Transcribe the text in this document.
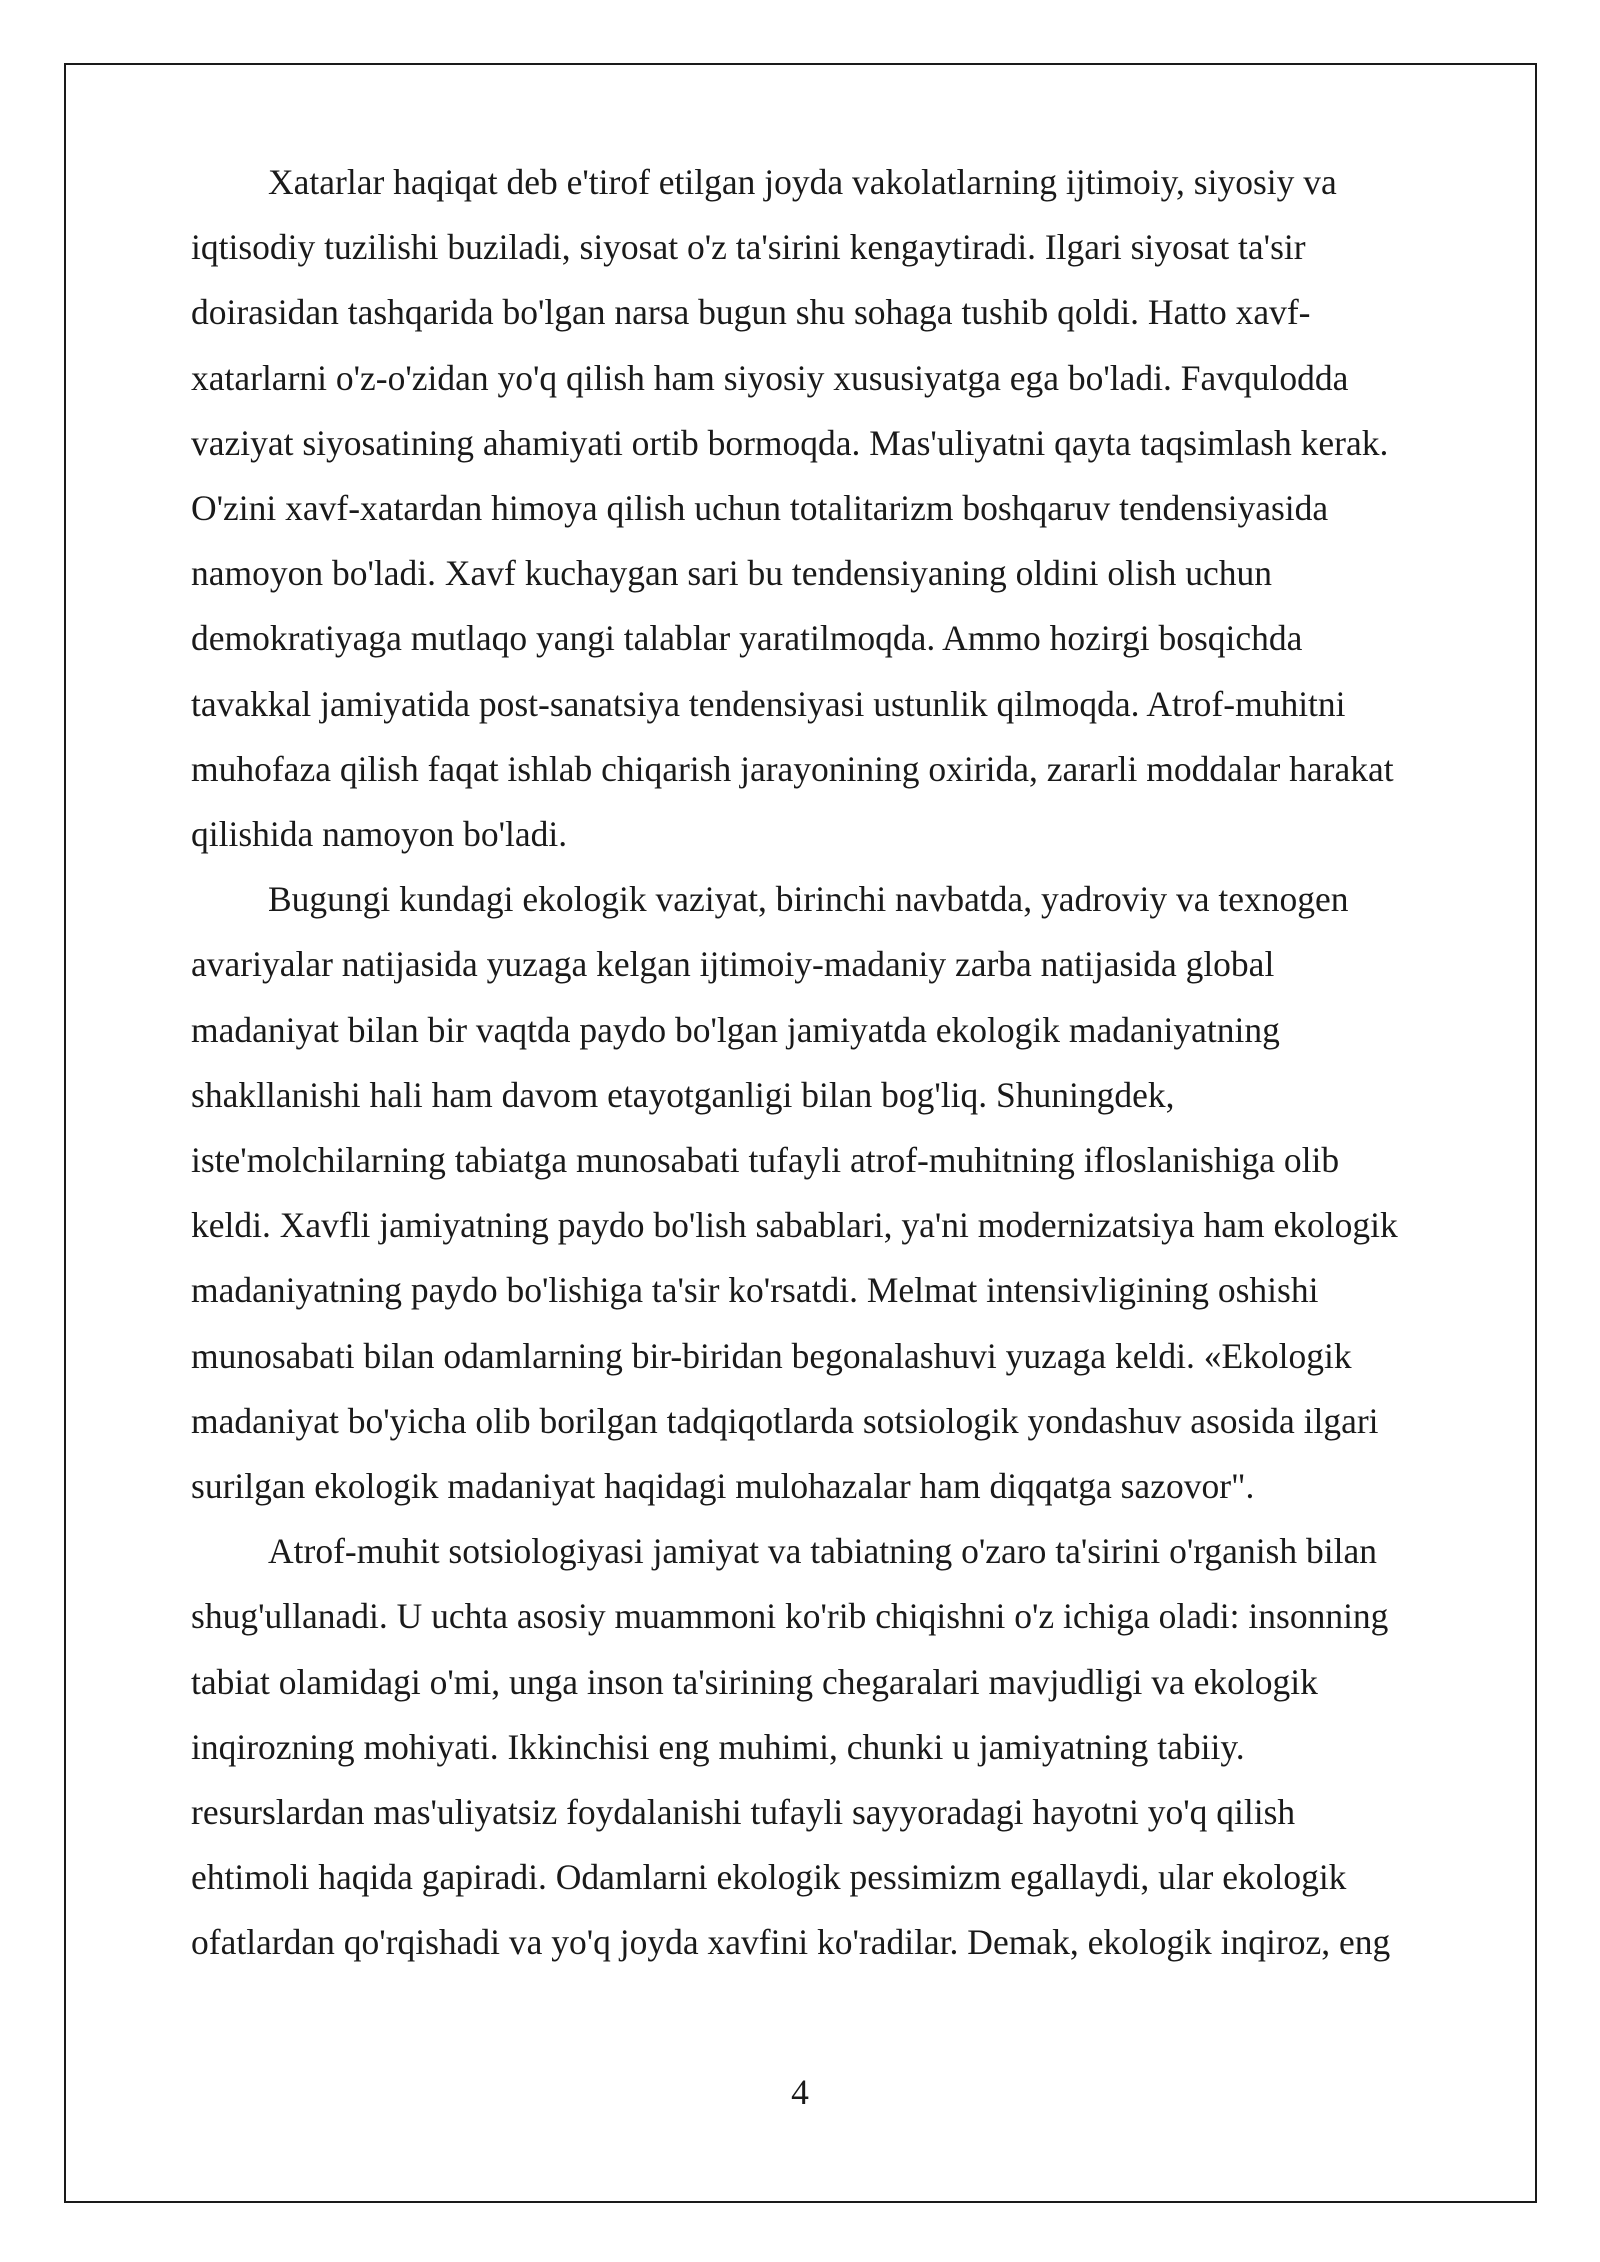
Xatarlar haqiqat deb e'tirof etilgan joyda vakolatlarning ijtimoiy, siyosiy va
iqtisodiy tuzilishi buziladi, siyosat o'z ta'sirini kengaytiradi. Ilgari siyosat ta'sir
doirasidan tashqarida bo'lgan narsa bugun shu sohaga tushib qoldi. Hatto xavf-
xatarlarni o'z-o'zidan yo'q qilish ham siyosiy xususiyatga ega bo'ladi. Favqulodda
vaziyat siyosatining ahamiyati ortib bormoqda. Mas'uliyatni qayta taqsimlash kerak.
O'zini xavf-xatardan himoya qilish uchun totalitarizm boshqaruv tendensiyasida
namoyon bo'ladi. Xavf kuchaygan sari bu tendensiyaning oldini olish uchun
demokratiyaga mutlaqo yangi talablar yaratilmoqda. Ammo hozirgi bosqichda
tavakkal jamiyatida post-sanatsiya tendensiyasi ustunlik qilmoqda. Atrof-muhitni
muhofaza qilish faqat ishlab chiqarish jarayonining oxirida, zararli moddalar harakat
qilishida namoyon bo'ladi.

Bugungi kundagi ekologik vaziyat, birinchi navbatda, yadroviy va texnogen
avariyalar natijasida yuzaga kelgan ijtimoiy-madaniy zarba natijasida global
madaniyat bilan bir vaqtda paydo bo'lgan jamiyatda ekologik madaniyatning
shakllanishi hali ham davom etayotganligi bilan bog'liq. Shuningdek,
iste'molchilarning tabiatga munosabati tufayli atrof-muhitning ifloslanishiga olib
keldi. Xavfli jamiyatning paydo bo'lish sabablari, ya'ni modernizatsiya ham ekologik
madaniyatning paydo bo'lishiga ta'sir ko'rsatdi. Melmat intensivligining oshishi
munosabati bilan odamlarning bir-biridan begonalashuvi yuzaga keldi. «Ekologik
madaniyat bo'yicha olib borilgan tadqiqotlarda sotsiologik yondashuv asosida ilgari
surilgan ekologik madaniyat haqidagi mulohazalar ham diqqatga sazovor".

Atrof-muhit sotsiologiyasi jamiyat va tabiatning o'zaro ta'sirini o'rganish bilan
shug'ullanadi. U uchta asosiy muammoni ko'rib chiqishni o'z ichiga oladi: insonning
tabiat olamidagi o'mi, unga inson ta'sirining chegaralari mavjudligi va ekologik
inqirozning mohiyati. Ikkinchisi eng muhimi, chunki u jamiyatning tabiiy.
resurslardan mas'uliyatsiz foydalanishi tufayli sayyoradagi hayotni yo'q qilish
ehtimoli haqida gapiradi. Odamlarni ekologik pessimizm egallaydi, ular ekologik
ofatlardan qo'rqishadi va yo'q joyda xavfini ko'radilar. Demak, ekologik inqiroz, eng

4
